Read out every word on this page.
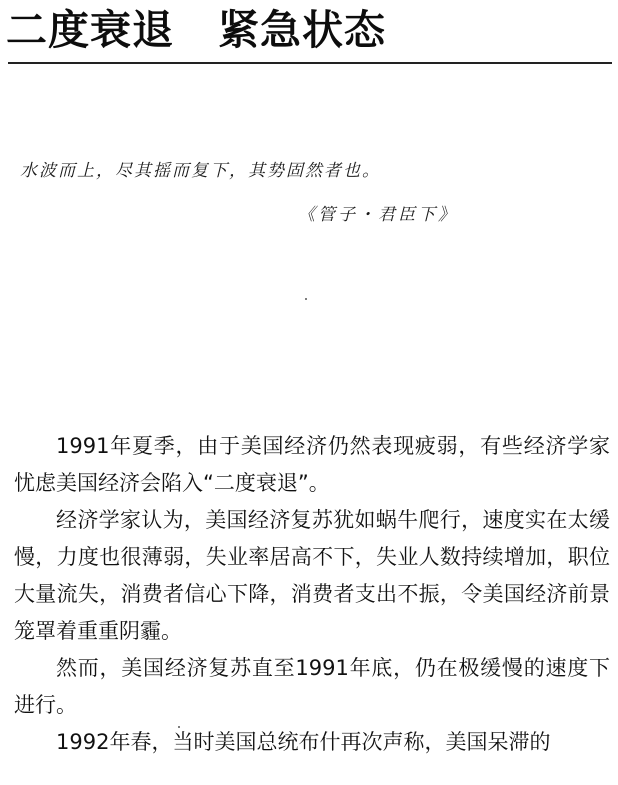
二度衰退 紧急状态

水波而上，尽其摇而复下，其势固然者也。

《管子・君臣下》

1991年夏季，由于美国经济仍然表现疲弱，有些经济学家忧虑美国经济会陷入“二度衰退”。

经济学家认为，美国经济复苏犹如蜗牛爬行，速度实在太缓慢，力度也很薄弱，失业率居高不下，失业人数持续增加，职位大量流失，消费者信心下降，消费者支出不振，令美国经济前景笼罩着重重阴霾。

然而，美国经济复苏直至1991年底，仍在极缓慢的速度下进行。

1992年春，当时美国总统布什再次声称，美国呆滞的
